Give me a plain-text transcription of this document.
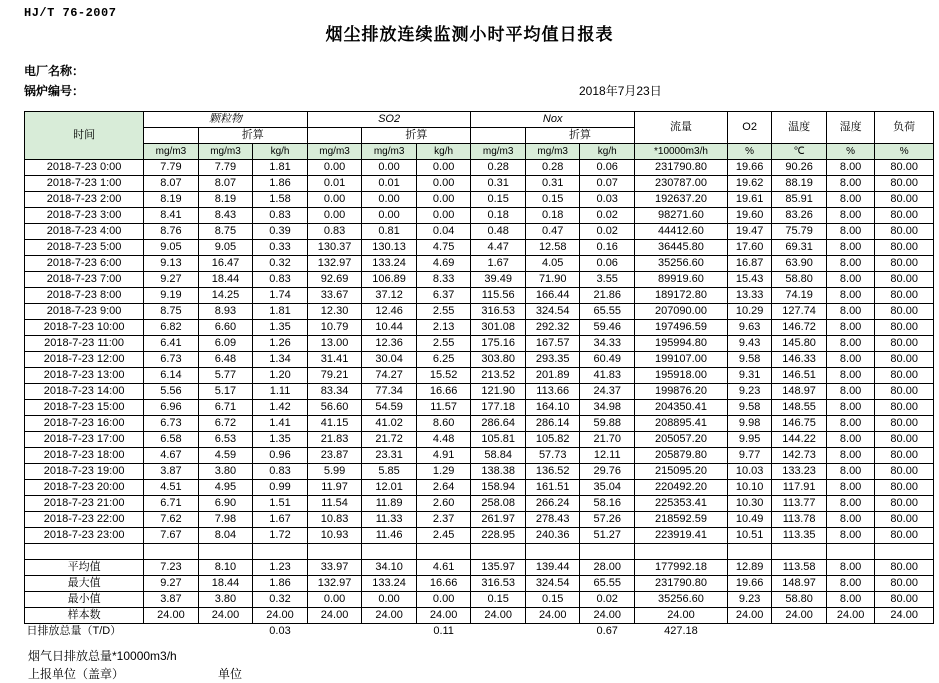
HJ/T 76-2007
烟尘排放连续监测小时平均值日报表
电厂名称：
锅炉编号：	2018年7月23日
时间	颗粒物			SO2			Nox			流量	O2	温度	湿度	负荷
		折算			折算			折算						
	mg/m3	mg/m3	kg/h	mg/m3	mg/m3	kg/h	mg/m3	mg/m3	kg/h	*10000m3/h	%	℃	%	%
2018-7-23 0:00	7.79	7.79	1.81	0.00	0.00	0.00	0.28	0.28	0.06	231790.80	19.66	90.26	8.00	80.00
2018-7-23 1:00	8.07	8.07	1.86	0.01	0.01	0.00	0.31	0.31	0.07	230787.00	19.62	88.19	8.00	80.00
2018-7-23 2:00	8.19	8.19	1.58	0.00	0.00	0.00	0.15	0.15	0.03	192637.20	19.61	85.91	8.00	80.00
2018-7-23 3:00	8.41	8.43	0.83	0.00	0.00	0.00	0.18	0.18	0.02	98271.60	19.60	83.26	8.00	80.00
2018-7-23 4:00	8.76	8.75	0.39	0.83	0.81	0.04	0.48	0.47	0.02	44412.60	19.47	75.79	8.00	80.00
2018-7-23 5:00	9.05	9.05	0.33	130.37	130.13	4.75	4.47	12.58	0.16	36445.80	17.60	69.31	8.00	80.00
2018-7-23 6:00	9.13	16.47	0.32	132.97	133.24	4.69	1.67	4.05	0.06	35256.60	16.87	63.90	8.00	80.00
2018-7-23 7:00	9.27	18.44	0.83	92.69	106.89	8.33	39.49	71.90	3.55	89919.60	15.43	58.80	8.00	80.00
2018-7-23 8:00	9.19	14.25	1.74	33.67	37.12	6.37	115.56	166.44	21.86	189172.80	13.33	74.19	8.00	80.00
2018-7-23 9:00	8.75	8.93	1.81	12.30	12.46	2.55	316.53	324.54	65.55	207090.00	10.29	127.74	8.00	80.00
2018-7-23 10:00	6.82	6.60	1.35	10.79	10.44	2.13	301.08	292.32	59.46	197496.59	9.63	146.72	8.00	80.00
2018-7-23 11:00	6.41	6.09	1.26	13.00	12.36	2.55	175.16	167.57	34.33	195994.80	9.43	145.80	8.00	80.00
2018-7-23 12:00	6.73	6.48	1.34	31.41	30.04	6.25	303.80	293.35	60.49	199107.00	9.58	146.33	8.00	80.00
2018-7-23 13:00	6.14	5.77	1.20	79.21	74.27	15.52	213.52	201.89	41.83	195918.00	9.31	146.51	8.00	80.00
2018-7-23 14:00	5.56	5.17	1.11	83.34	77.34	16.66	121.90	113.66	24.37	199876.20	9.23	148.97	8.00	80.00
2018-7-23 15:00	6.96	6.71	1.42	56.60	54.59	11.57	177.18	164.10	34.98	204350.41	9.58	148.55	8.00	80.00
2018-7-23 16:00	6.73	6.72	1.41	41.15	41.02	8.60	286.64	286.14	59.88	208895.41	9.98	146.75	8.00	80.00
2018-7-23 17:00	6.58	6.53	1.35	21.83	21.72	4.48	105.81	105.82	21.70	205057.20	9.95	144.22	8.00	80.00
2018-7-23 18:00	4.67	4.59	0.96	23.87	23.31	4.91	58.84	57.73	12.11	205879.80	9.77	142.73	8.00	80.00
2018-7-23 19:00	3.87	3.80	0.83	5.99	5.85	1.29	138.38	136.52	29.76	215095.20	10.03	133.23	8.00	80.00
2018-7-23 20:00	4.51	4.95	0.99	11.97	12.01	2.64	158.94	161.51	35.04	220492.20	10.10	117.91	8.00	80.00
2018-7-23 21:00	6.71	6.90	1.51	11.54	11.89	2.60	258.08	266.24	58.16	225353.41	10.30	113.77	8.00	80.00
2018-7-23 22:00	7.62	7.98	1.67	10.83	11.33	2.37	261.97	278.43	57.26	218592.59	10.49	113.78	8.00	80.00
2018-7-23 23:00	7.67	8.04	1.72	10.93	11.46	2.45	228.95	240.36	51.27	223919.41	10.51	113.35	8.00	80.00

平均值	7.23	8.10	1.23	33.97	34.10	4.61	135.97	139.44	28.00	177992.18	12.89	113.58	8.00	80.00
最大值	9.27	18.44	1.86	132.97	133.24	16.66	316.53	324.54	65.55	231790.80	19.66	148.97	8.00	80.00
最小值	3.87	3.80	0.32	0.00	0.00	0.00	0.15	0.15	0.02	35256.60	9.23	58.80	8.00	80.00
样本数	24.00	24.00	24.00	24.00	24.00	24.00	24.00	24.00	24.00	24.00	24.00	24.00	24.00	24.00
日排放总量（T/D）			0.03			0.11			0.67	427.18				
烟气日排放总量*10000m3/h
上报单位（盖章）	单位
